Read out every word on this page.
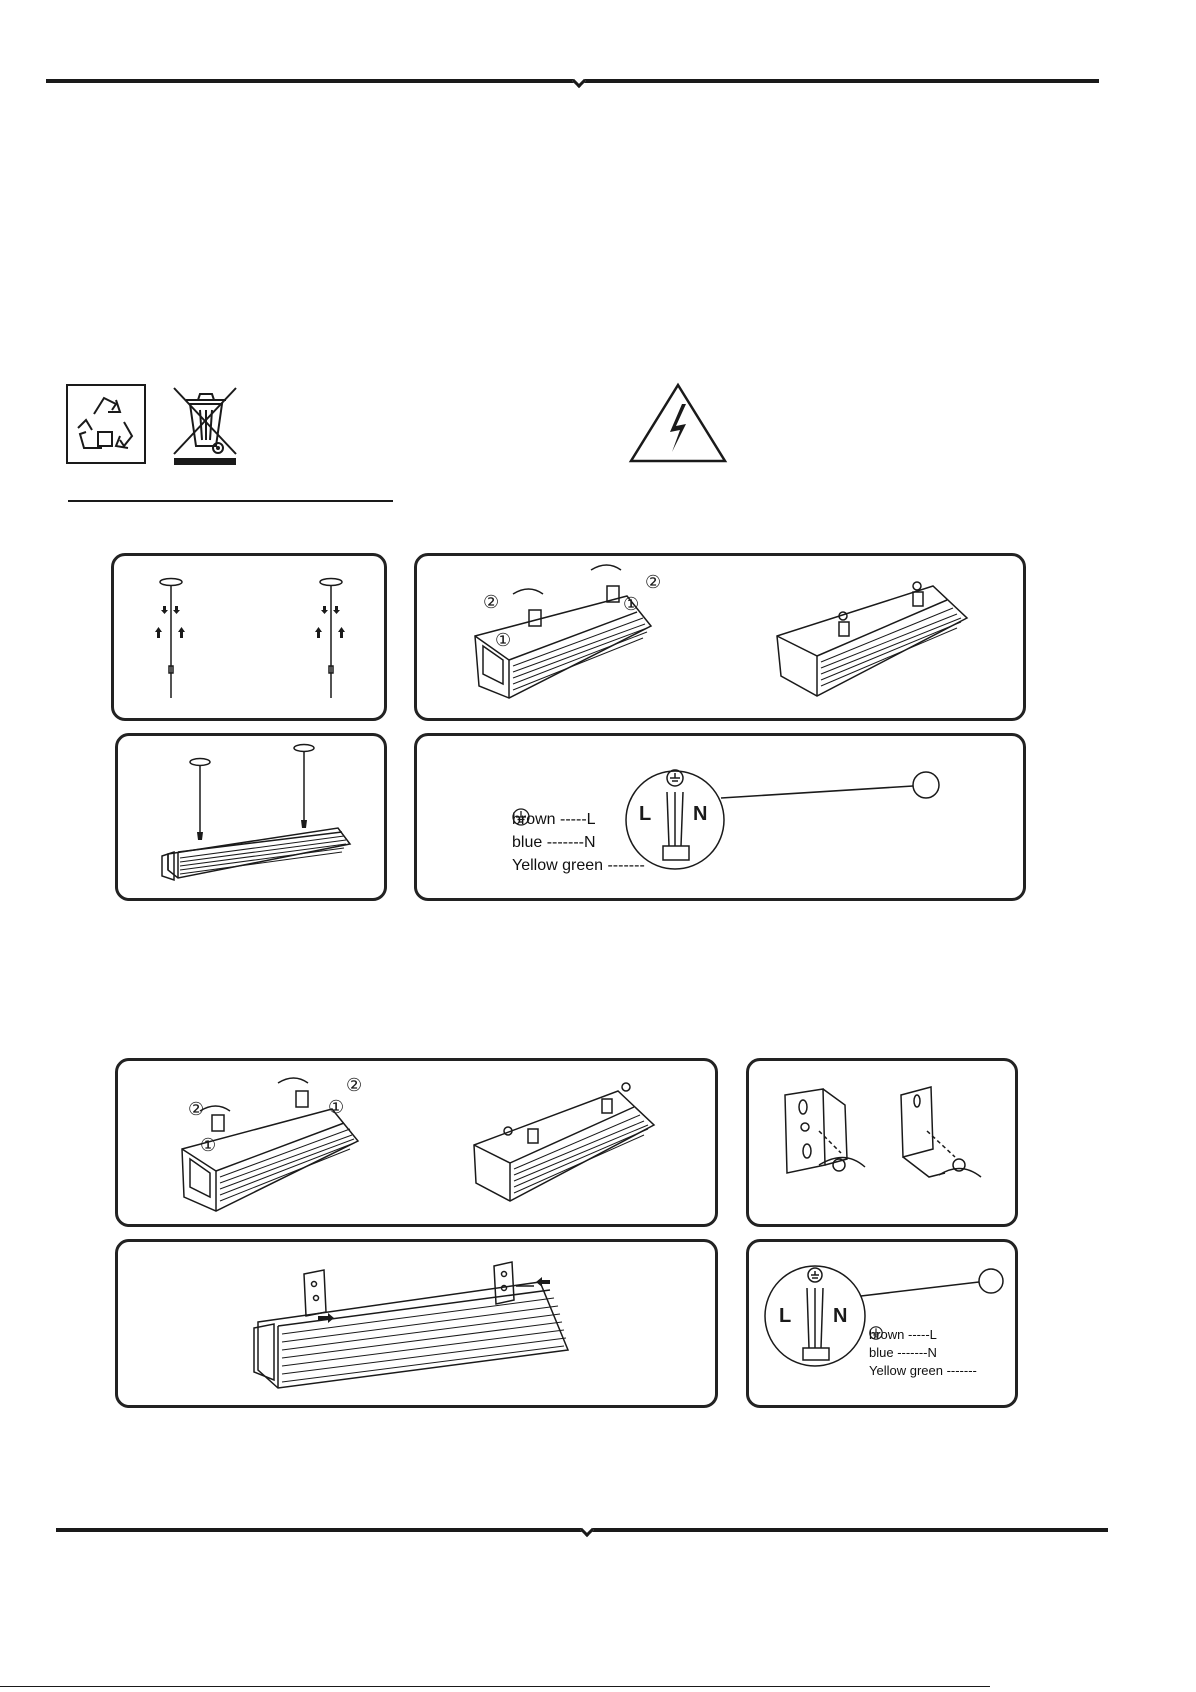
②
①
②
①
brown -----L
blue -------N
Yellow green -------
L N
②
①
②
①
L N
brown -----L
blue -------N
Yellow green -------
